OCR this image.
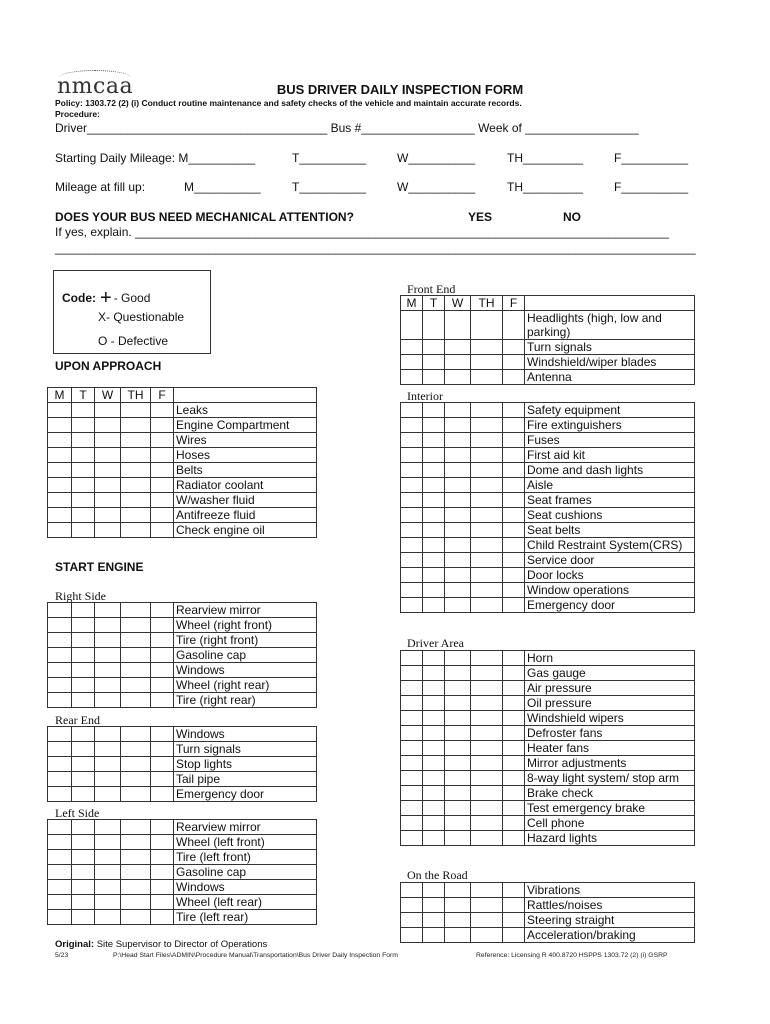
nmcaa	BUS DRIVER DAILY INSPECTION FORM
Policy: 1303.72 (2) (i) Conduct routine maintenance and safety checks of the vehicle and maintain accurate records.
Procedure:
Driver____________________________________ Bus #_________________ Week of _________________
Starting Daily Mileage: M__________	T__________	W__________	TH_________	F__________
Mileage at fill up:	M__________	T__________	W__________	TH_________	F__________
DOES YOUR BUS NEED MECHANICAL ATTENTION?	YES	NO
If yes, explain. ________________________________________________________________________________
________________________________________________________________________________________________
Code: + - Good
X- Questionable
O - Defective
UPON APPROACH
M	T	W	TH	F	
					Leaks
					Engine Compartment
					Wires
					Hoses
					Belts
					Radiator coolant
					W/washer fluid
					Antifreeze fluid
					Check engine oil
START ENGINE
Right Side
					Rearview mirror
					Wheel (right front)
					Tire (right front)
					Gasoline cap
					Windows
					Wheel (right rear)
					Tire (right rear)
Rear End
					Windows
					Turn signals
					Stop lights
					Tail pipe
					Emergency door
Left Side
					Rearview mirror
					Wheel (left front)
					Tire (left front)
					Gasoline cap
					Windows
					Wheel (left rear)
					Tire (left rear)
Front End
M	T	W	TH	F	
					Headlights (high, low and parking)
					Turn signals
					Windshield/wiper blades
					Antenna
Interior
					Safety equipment
					Fire extinguishers
					Fuses
					First aid kit
					Dome and dash lights
					Aisle
					Seat frames
					Seat cushions
					Seat belts
					Child Restraint System(CRS)
					Service door
					Door locks
					Window operations
					Emergency door
Driver Area
					Horn
					Gas gauge
					Air pressure
					Oil pressure
					Windshield wipers
					Defroster fans
					Heater fans
					Mirror adjustments
					8-way light system/ stop arm
					Brake check
					Test emergency brake
					Cell phone
					Hazard lights
On the Road
					Vibrations
					Rattles/noises
					Steering straight
					Acceleration/braking
Original: Site Supervisor to Director of Operations
5/23	P:\Head Start Files\ADMIN\Procedure Manual\Transportation\Bus Driver Daily Inspection Form	Reference: Licensing R 400.8720 HSPPS 1303.72 (2) (i) GSRP
